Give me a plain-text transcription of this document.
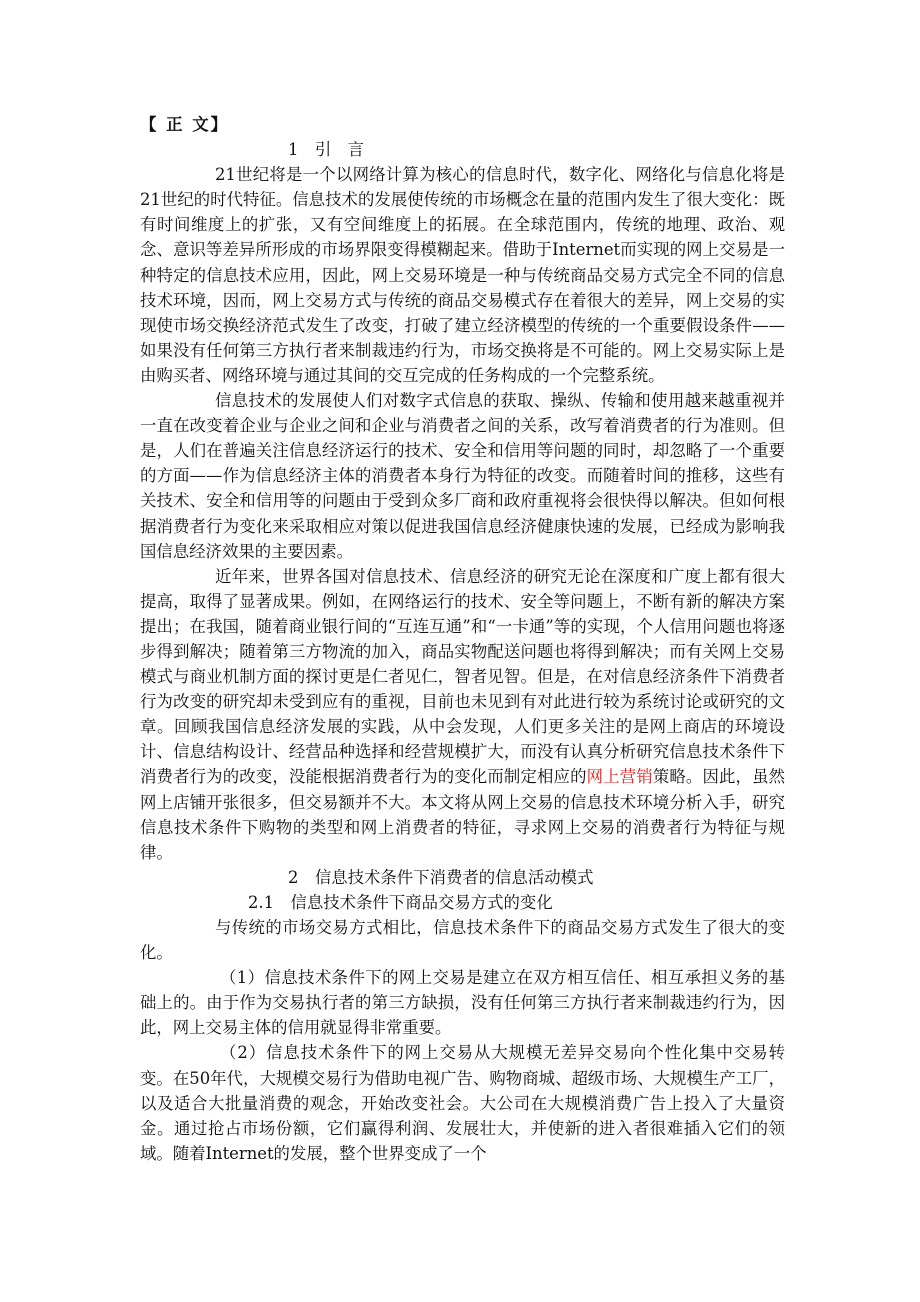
【 正 文】

1　引　言

21世纪将是一个以网络计算为核心的信息时代，数字化、网络化与信息化将是21世纪的时代特征。信息技术的发展使传统的市场概念在量的范围内发生了很大变化：既有时间维度上的扩张，又有空间维度上的拓展。在全球范围内，传统的地理、政治、观念、意识等差异所形成的市场界限变得模糊起来。借助于Internet而实现的网上交易是一种特定的信息技术应用，因此，网上交易环境是一种与传统商品交易方式完全不同的信息技术环境，因而，网上交易方式与传统的商品交易模式存在着很大的差异，网上交易的实现使市场交换经济范式发生了改变，打破了建立经济模型的传统的一个重要假设条件——如果没有任何第三方执行者来制裁违约行为，市场交换将是不可能的。网上交易实际上是由购买者、网络环境与通过其间的交互完成的任务构成的一个完整系统。

信息技术的发展使人们对数字式信息的获取、操纵、传输和使用越来越重视并一直在改变着企业与企业之间和企业与消费者之间的关系，改写着消费者的行为准则。但是，人们在普遍关注信息经济运行的技术、安全和信用等问题的同时，却忽略了一个重要的方面——作为信息经济主体的消费者本身行为特征的改变。而随着时间的推移，这些有关技术、安全和信用等的问题由于受到众多厂商和政府重视将会很快得以解决。但如何根据消费者行为变化来采取相应对策以促进我国信息经济健康快速的发展，已经成为影响我国信息经济效果的主要因素。

近年来，世界各国对信息技术、信息经济的研究无论在深度和广度上都有很大提高，取得了显著成果。例如，在网络运行的技术、安全等问题上，不断有新的解决方案提出；在我国，随着商业银行间的“互连互通”和“一卡通”等的实现，个人信用问题也将逐步得到解决；随着第三方物流的加入，商品实物配送问题也将得到解决；而有关网上交易模式与商业机制方面的探讨更是仁者见仁，智者见智。但是，在对信息经济条件下消费者行为改变的研究却未受到应有的重视，目前也未见到有对此进行较为系统讨论或研究的文章。回顾我国信息经济发展的实践，从中会发现，人们更多关注的是网上商店的环境设计、信息结构设计、经营品种选择和经营规模扩大，而没有认真分析研究信息技术条件下消费者行为的改变，没能根据消费者行为的变化而制定相应的网上营销策略。因此，虽然网上店铺开张很多，但交易额并不大。本文将从网上交易的信息技术环境分析入手，研究信息技术条件下购物的类型和网上消费者的特征，寻求网上交易的消费者行为特征与规律。

2　信息技术条件下消费者的信息活动模式

2.1　信息技术条件下商品交易方式的变化

与传统的市场交易方式相比，信息技术条件下的商品交易方式发生了很大的变化。

（1）信息技术条件下的网上交易是建立在双方相互信任、相互承担义务的基础上的。由于作为交易执行者的第三方缺损，没有任何第三方执行者来制裁违约行为，因此，网上交易主体的信用就显得非常重要。

（2）信息技术条件下的网上交易从大规模无差异交易向个性化集中交易转变。在50年代，大规模交易行为借助电视广告、购物商城、超级市场、大规模生产工厂，以及适合大批量消费的观念，开始改变社会。大公司在大规模消费广告上投入了大量资金。通过抢占市场份额，它们赢得利润、发展壮大，并使新的进入者很难插入它们的领域。随着Internet的发展，整个世界变成了一个
